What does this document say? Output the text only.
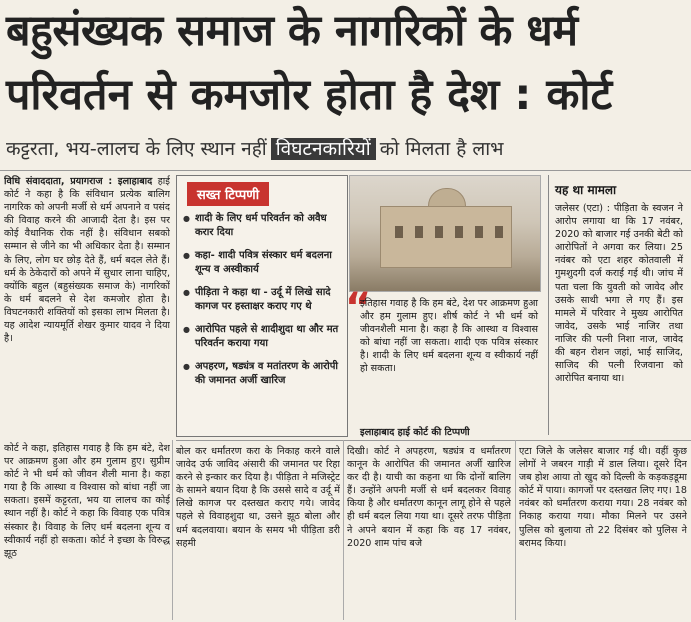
बहुसंख्यक समाज के नागरिकों के धर्म
परिवर्तन से कमजोर होता है देश : कोर्ट
कट्टरता, भय-लालच के लिए स्थान नहीं विघटनकारियों को मिलता है लाभ

विधि संवाददाता, प्रयागराज : इलाहाबाद हाई कोर्ट ने कहा है कि संविधान प्रत्येक बालिग नागरिक को अपनी मर्जी से धर्म अपनाने व पसंद की विवाह करने की आजादी देता है। इस पर कोई वैधानिक रोक नहीं है। संविधान सबको सम्मान से जीने का भी अधिकार देता है। सम्मान के लिए, लोग घर छोड़ देते हैं, धर्म बदल लेते हैं। धर्म के ठेकेदारों को अपने में सुधार लाना चाहिए, क्योंकि बहुल (बहुसंख्यक समाज के) नागरिकों के धर्म बदलने से देश कमजोर होता है। विघटनकारी शक्तियों को इसका लाभ मिलता है। यह आदेश न्यायमूर्ति शेखर कुमार यादव ने दिया है।

सख्त टिप्पणी
● शादी के लिए धर्म परिवर्तन को अवैध करार दिया
● कहा- शादी पवित्र संस्कार धर्म बदलना शून्य व अस्वीकार्य
● पीड़िता ने कहा था - उर्दू में लिखे सादे कागज पर हस्ताक्षर कराए गए थे
● आरोपित पहले से शादीशुदा था और मत परिवर्तन कराया गया
● अपहरण, षड्यंत्र व मतांतरण के आरोपी की जमानत अर्जी खारिज
“
इतिहास गवाह है कि हम बंटे, देश पर आक्रमण हुआ और हम गुलाम हुए। शीर्ष कोर्ट ने भी धर्म को जीवनशैली माना है। कहा है कि आस्था व विश्वास को बांधा नहीं जा सकता। शादी एक पवित्र संस्कार है। शादी के लिए धर्म बदलना शून्य व स्वीकार्य नहीं हो सकता।
इलाहाबाद हाई कोर्ट की टिप्पणी
यह था मामला
जलेसर (एटा) : पीड़िता के स्वजन ने आरोप लगाया था कि 17 नवंबर, 2020 को बाजार गई उनकी बेटी को आरोपितों ने अगवा कर लिया। 25 नवंबर को एटा शहर कोतवाली में गुमशुदगी दर्ज कराई गई थी। जांच में पता चला कि युवती को जावेद और उसके साथी भगा ले गए हैं। इस मामले में परिवार ने मुख्य आरोपित जावेद, उसके भाई नाजिर तथा नाजिर की पत्नी निशा नाज, जावेद की बहन रोशन जहां, भाई साजिद, साजिद की पत्नी रिजवाना को आरोपित बनाया था।

कोर्ट ने कहा, इतिहास गवाह है कि हम बंटे, देश पर आक्रमण हुआ और हम गुलाम हुए। सुप्रीम कोर्ट ने भी धर्म को जीवन शैली माना है। कहा गया है कि आस्था व विश्वास को बांधा नहीं जा सकता। इसमें कट्टरता, भय या लालच का कोई स्थान नहीं है। कोर्ट ने कहा कि विवाह एक पवित्र संस्कार है। विवाह के लिए धर्म बदलना शून्य व स्वीकार्य नहीं हो सकता। कोर्ट ने इच्छा के विरुद्ध झूठ

बोल कर धर्मांतरण करा के निकाह करने वाले जावेद उर्फ जाविद अंसारी की जमानत पर रिहा करने से इन्कार कर दिया है। पीड़िता ने मजिस्ट्रेट के सामने बयान दिया है कि उससे सादे व उर्दू में लिखे कागज पर दस्तखत कराए गये। जावेद पहले से विवाहशुदा था, उसने झूठ बोला और धर्म बदलवाया। बयान के समय भी पीड़िता डरी सहमी

दिखी। कोर्ट ने अपहरण, षड्यंत्र व धर्मांतरण कानून के आरोपित की जमानत अर्जी खारिज कर दी है। याची का कहना था कि दोनों बालिग हैं। उन्होंने अपनी मर्जी से धर्म बदलकर विवाह किया है और धर्मांतरण कानून लागू होने से पहले ही धर्म बदल लिया गया था। दूसरे तरफ पीड़िता ने अपने बयान में कहा कि वह 17 नवंबर, 2020 शाम पांच बजे

एटा जिले के जलेसर बाजार गई थी। वहीं कुछ लोगों ने जबरन गाड़ी में डाल लिया। दूसरे दिन जब होश आया तो खुद को दिल्ली के कड़कड़डूमा कोर्ट में पाया। कागजों पर दस्तखत लिए गए। 18 नवंबर को धर्मांतरण कराया गया। 28 नवंबर को निकाह कराया गया। मौका मिलने पर उसने पुलिस को बुलाया तो 22 दिसंबर को पुलिस ने बरामद किया।
